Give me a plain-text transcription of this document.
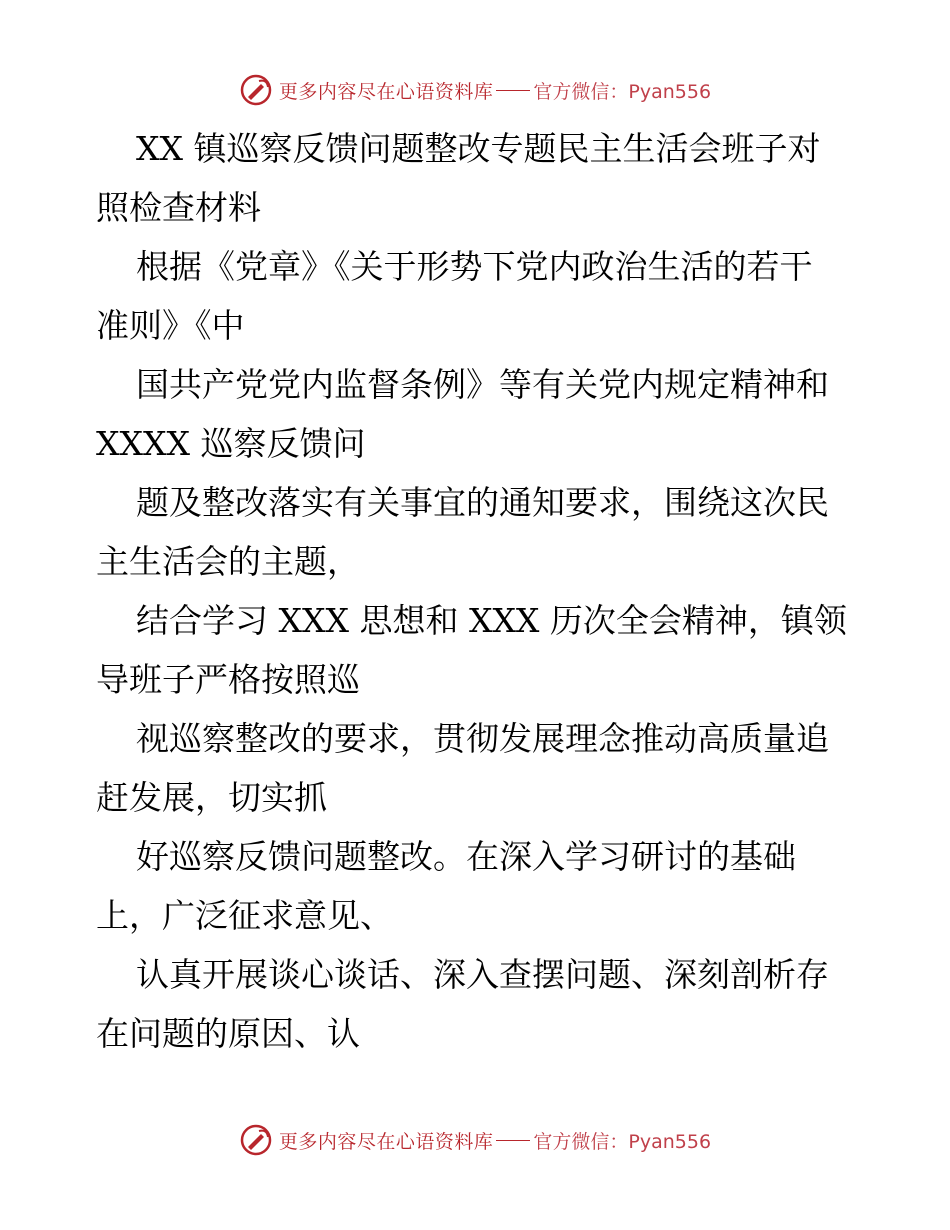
更多内容尽在心语资料库 官方微信：Pyan556

XX 镇巡察反馈问题整改专题民主生活会班子对
照检查材料

根据《党章》《关于形势下党内政治生活的若干
准则》《中

国共产党党内监督条例》等有关党内规定精神和
XXXX 巡察反馈问

题及整改落实有关事宜的通知要求，围绕这次民
主生活会的主题，

结合学习 XXX 思想和 XXX 历次全会精神，镇领
导班子严格按照巡

视巡察整改的要求，贯彻发展理念推动高质量追
赶发展，切实抓

好巡察反馈问题整改。在深入学习研讨的基础
上，广泛征求意见、

认真开展谈心谈话、深入查摆问题、深刻剖析存
在问题的原因、认

更多内容尽在心语资料库 官方微信：Pyan556
